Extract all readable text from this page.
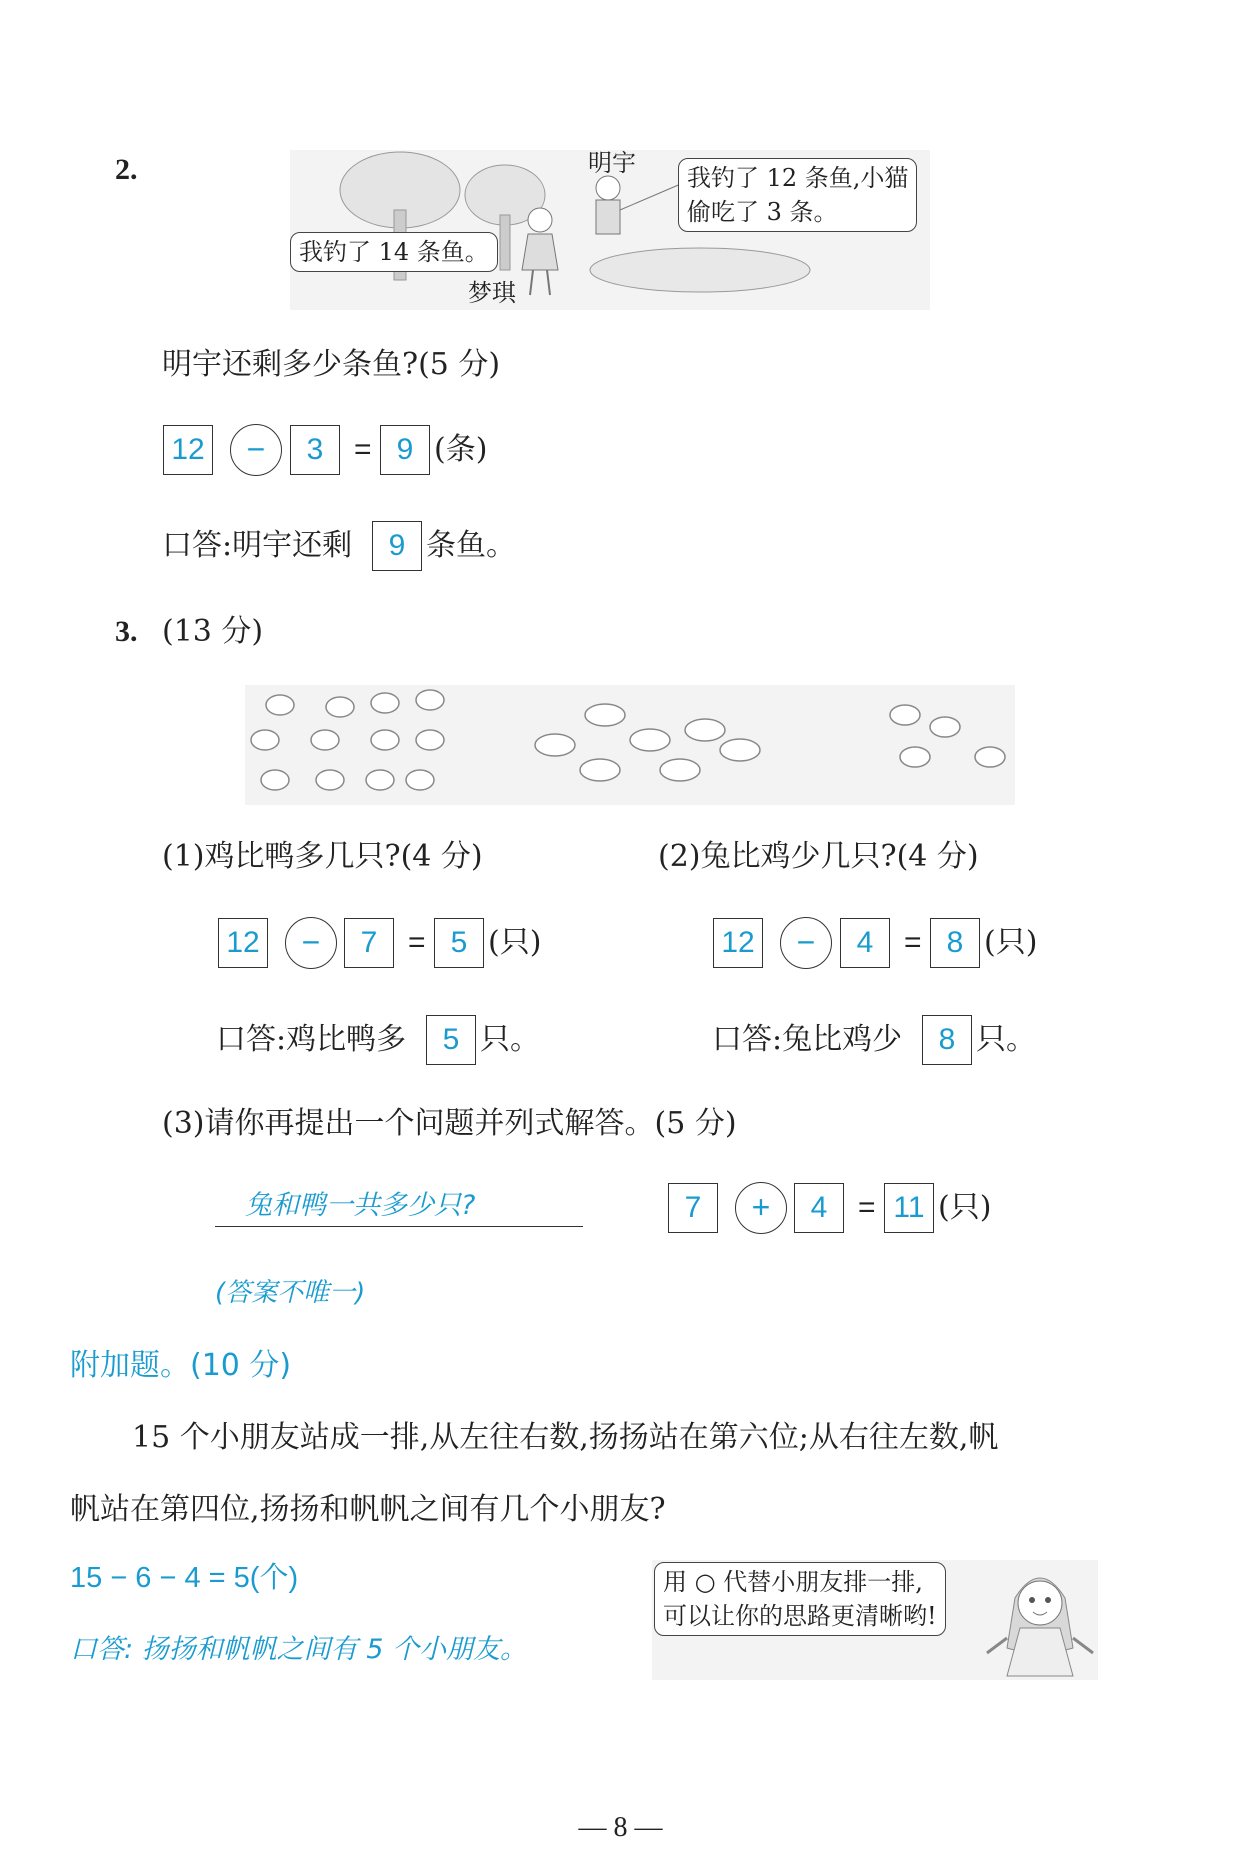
2.	明宇
我钓了 12 条鱼,小猫
偷吃了 3 条。
我钓了 14 条鱼。
梦琪
明宇还剩多少条鱼?(5 分)
12	−	3	= 9 (条)
口答:明宇还剩	9 条鱼。
3. (13 分)
(1)鸡比鸭多几只?(4 分)	(2)兔比鸡少几只?(4 分)
12	−	7	= 5 (只)	12	−	4	= 8 (只)
口答:鸡比鸭多	5 只。	口答:兔比鸡少	8 只。
(3)请你再提出一个问题并列式解答。(5 分)
兔和鸭一共多少只?	7	+	4	= 11 (只)
(答案不唯一)
附加题。(10 分)
15 个小朋友站成一排,从左往右数,扬扬站在第六位;从右往左数,帆
帆站在第四位,扬扬和帆帆之间有几个小朋友?
15 − 6 − 4 = 5(个)
口答: 扬扬和帆帆之间有 5 个小朋友。
用 ○ 代替小朋友排一排,
可以让你的思路更清晰哟!
— 8 —
